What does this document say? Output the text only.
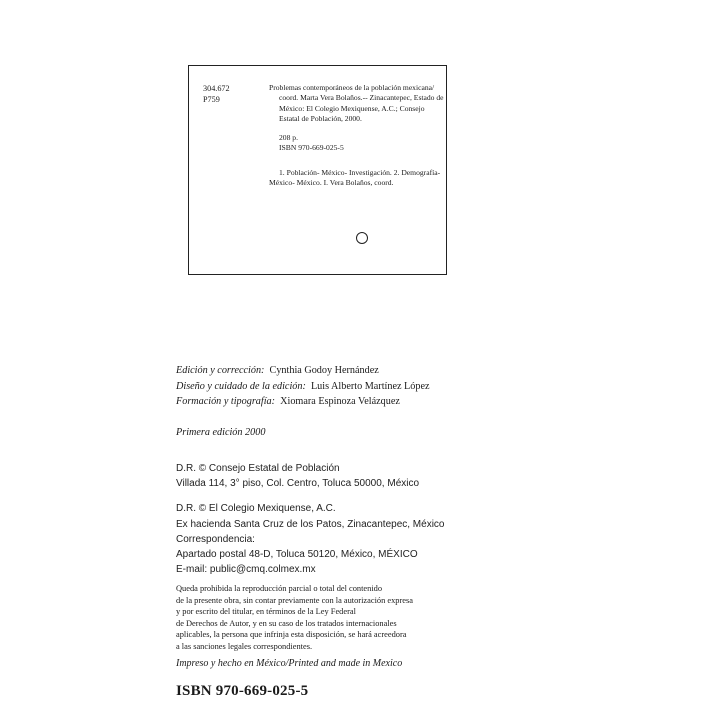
304.672
P759

Problemas contemporáneos de la población mexicana/

coord. Marta Vera Bolaños.-- Zinacantepec, Estado de

México: El Colegio Mexiquense, A.C.; Consejo

Estatal de Población, 2000.

208 p.

ISBN 970-669-025-5

1. Población- México- Investigación. 2. Demografía-

México- México. I. Vera Bolaños, coord.

Edición y corrección: Cynthia Godoy Hernández
Diseño y cuidado de la edición: Luis Alberto Martínez López
Formación y tipografía: Xiomara Espinoza Velázquez
Primera edición 2000
D.R. © Consejo Estatal de Población
Villada 114, 3° piso, Col. Centro, Toluca 50000, México
D.R. © El Colegio Mexiquense, A.C.
Ex hacienda Santa Cruz de los Patos, Zinacantepec, México
Correspondencia:
Apartado postal 48-D, Toluca 50120, México, MÉXICO
E-mail: public@cmq.colmex.mx

Queda prohibida la reproducción parcial o total del contenido

de la presente obra, sin contar previamente con la autorización expresa

y por escrito del titular, en términos de la Ley Federal

de Derechos de Autor, y en su caso de los tratados internacionales

aplicables, la persona que infrinja esta disposición, se hará acreedora

a las sanciones legales correspondientes.

Impreso y hecho en México/Printed and made in Mexico
ISBN 970-669-025-5
